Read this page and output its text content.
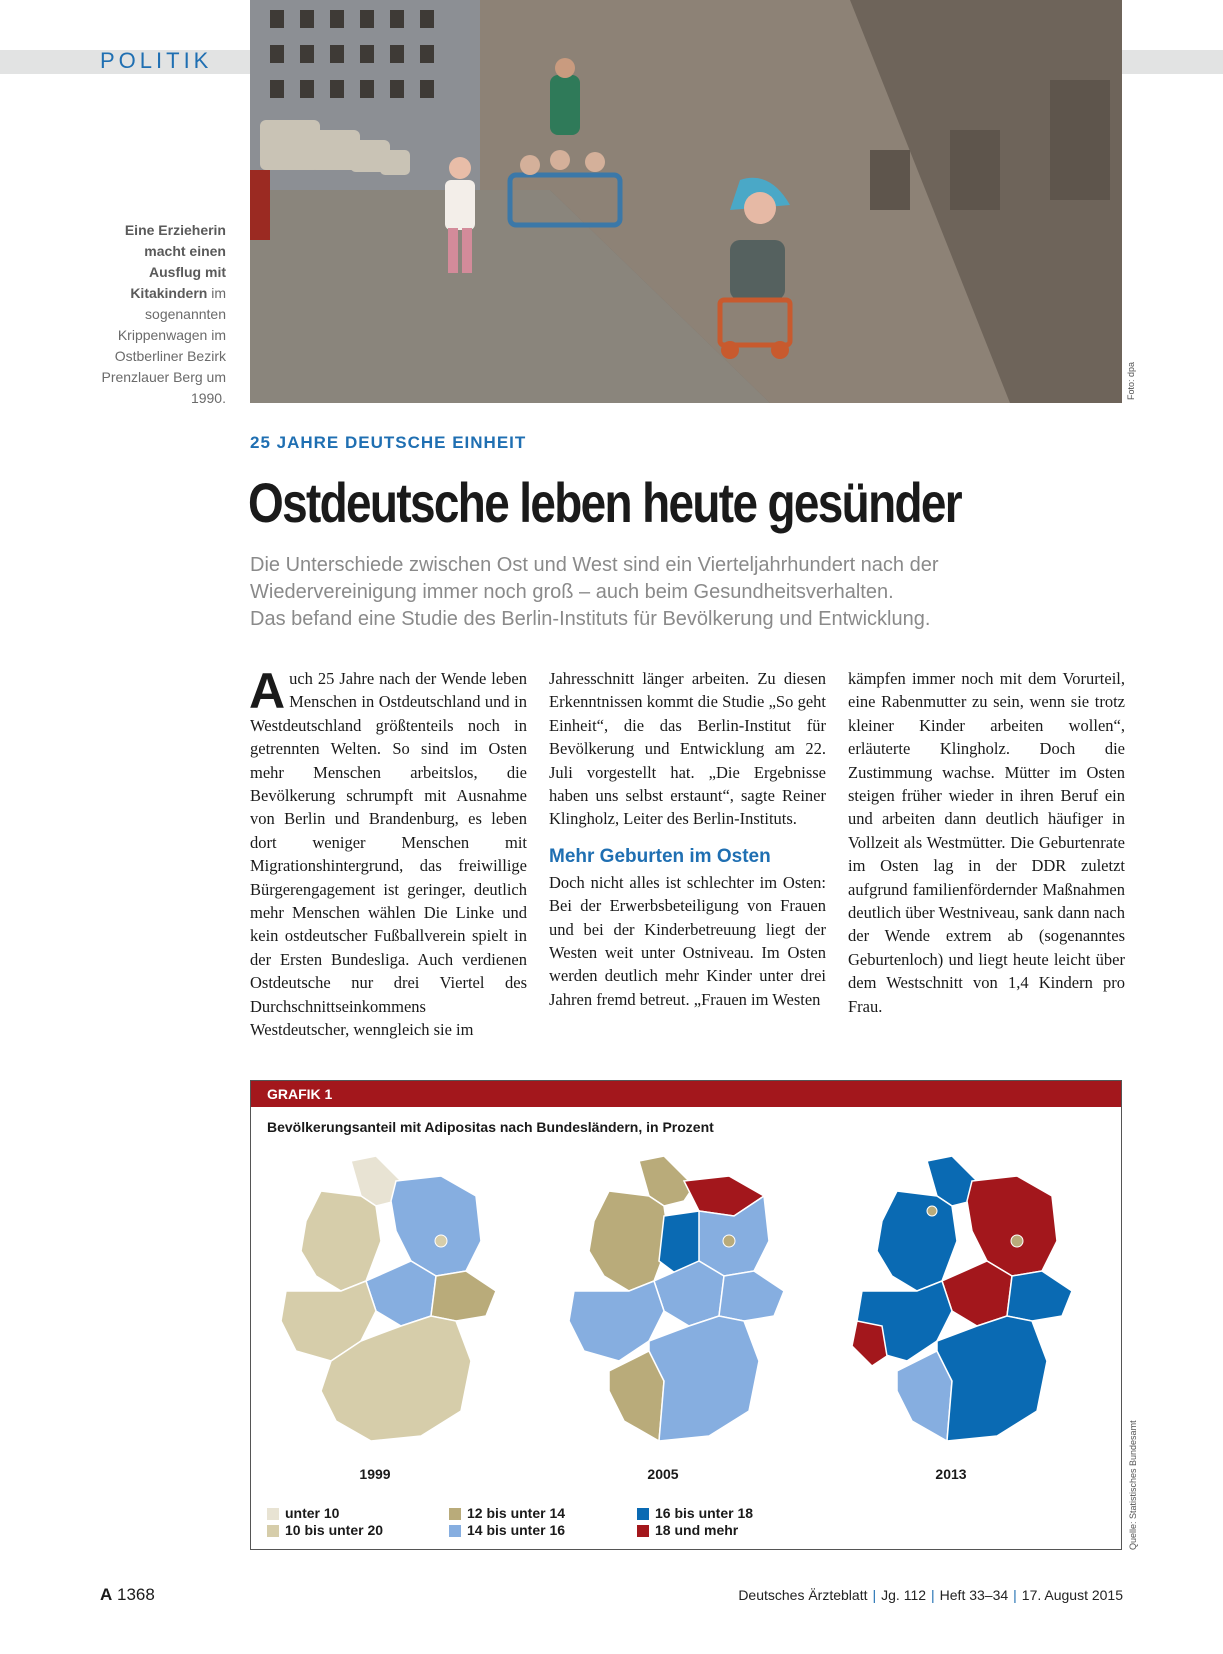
POLITIK
Foto: dpa
Eine Erzieherin macht einen Ausflug mit Kitakindern im sogenannten Krippenwagen im Ostberliner Bezirk Prenzlauer Berg um 1990.
25 JAHRE DEUTSCHE EINHEIT
Ostdeutsche leben heute gesünder
Die Unterschiede zwischen Ost und West sind ein Vierteljahrhundert nach der
Wiedervereinigung immer noch groß – auch beim Gesundheitsverhalten.
Das befand eine Studie des Berlin-Instituts für Bevölkerung und Entwicklung.
A uch 25 Jahre nach der Wende leben Menschen in Ostdeutschland und in Westdeutschland größtenteils noch in getrennten Welten. So sind im Osten mehr Menschen arbeitslos, die Bevölkerung schrumpft mit Ausnahme von Berlin und Brandenburg, es leben dort weniger Menschen mit Migrationshintergrund, das freiwillige Bürgerengagement ist geringer, deutlich mehr Menschen wählen Die Linke und kein ostdeutscher Fußballverein spielt in der Ersten Bundesliga. Auch verdienen Ostdeutsche nur drei Viertel des Durchschnittseinkommens Westdeutscher, wenngleich sie im

Jahresschnitt länger arbeiten. Zu diesen Erkenntnissen kommt die Studie „So geht Einheit“, die das Berlin-Institut für Bevölkerung und Entwicklung am 22. Juli vorgestellt hat. „Die Ergebnisse haben uns selbst erstaunt“, sagte Reiner Klingholz, Leiter des Berlin-Instituts.

Mehr Geburten im Osten

Doch nicht alles ist schlechter im Osten: Bei der Erwerbsbeteiligung von Frauen und bei der Kinderbetreuung liegt der Westen weit unter Ostniveau. Im Osten werden deutlich mehr Kinder unter drei Jahren fremd betreut. „Frauen im Westen

kämpfen immer noch mit dem Vorurteil, eine Rabenmutter zu sein, wenn sie trotz kleiner Kinder arbeiten wollen“, erläuterte Klingholz. Doch die Zustimmung wachse. Mütter im Osten steigen früher wieder in ihren Beruf ein und arbeiten dann deutlich häufiger in Vollzeit als Westmütter. Die Geburtenrate im Osten lag in der DDR zuletzt aufgrund familienfördernder Maßnahmen deutlich über Westniveau, sank dann nach der Wende extrem ab (sogenanntes Geburtenloch) und liegt heute leicht über dem Westschnitt von 1,4 Kindern pro Frau.

GRAFIK 1
Bevölkerungsanteil mit Adipositas nach Bundesländern, in Prozent
1999	2005	2013
unter 10
10 bis unter 20
12 bis unter 14
14 bis unter 16
16 bis unter 18
18 und mehr	Quelle: Statistisches Bundesamt
A 1368	Deutsches Ärzteblatt | Jg. 112 | Heft 33–34 | 17. August 2015
